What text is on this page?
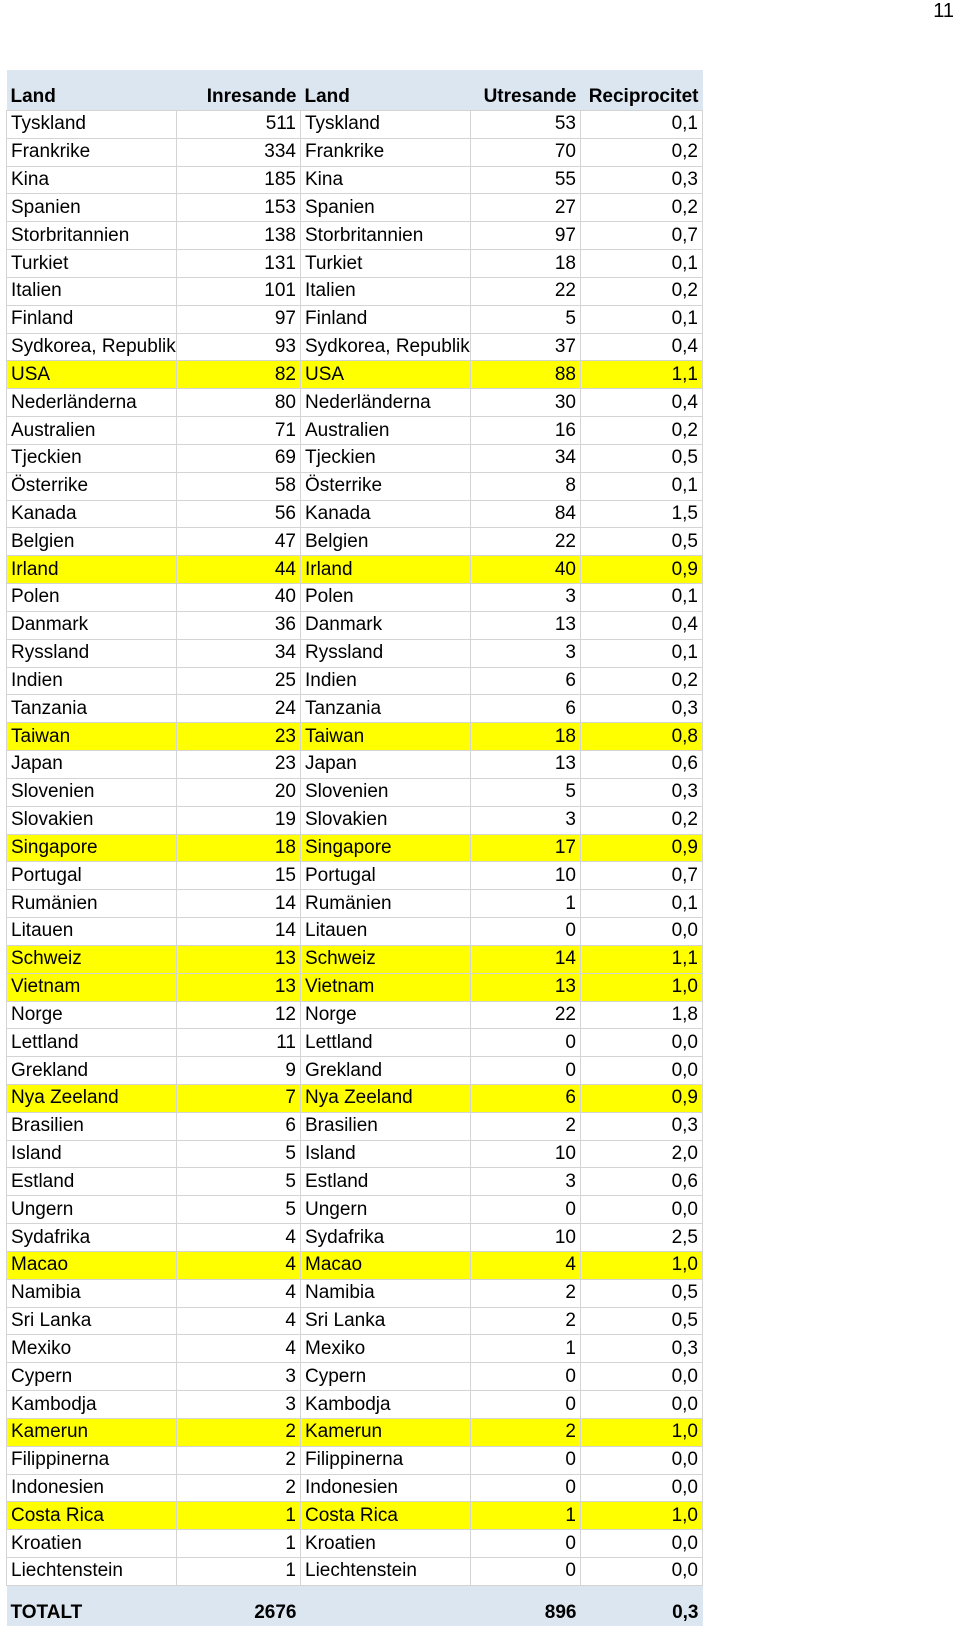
11
Land	Inresande	Land	Utresande	Reciprocitet
Tyskland	511	Tyskland	53	0,1
Frankrike	334	Frankrike	70	0,2
Kina	185	Kina	55	0,3
Spanien	153	Spanien	27	0,2
Storbritannien	138	Storbritannien	97	0,7
Turkiet	131	Turkiet	18	0,1
Italien	101	Italien	22	0,2
Finland	97	Finland	5	0,1
Sydkorea, Republik	93	Sydkorea, Republik	37	0,4
USA	82	USA	88	1,1
Nederländerna	80	Nederländerna	30	0,4
Australien	71	Australien	16	0,2
Tjeckien	69	Tjeckien	34	0,5
Österrike	58	Österrike	8	0,1
Kanada	56	Kanada	84	1,5
Belgien	47	Belgien	22	0,5
Irland	44	Irland	40	0,9
Polen	40	Polen	3	0,1
Danmark	36	Danmark	13	0,4
Ryssland	34	Ryssland	3	0,1
Indien	25	Indien	6	0,2
Tanzania	24	Tanzania	6	0,3
Taiwan	23	Taiwan	18	0,8
Japan	23	Japan	13	0,6
Slovenien	20	Slovenien	5	0,3
Slovakien	19	Slovakien	3	0,2
Singapore	18	Singapore	17	0,9
Portugal	15	Portugal	10	0,7
Rumänien	14	Rumänien	1	0,1
Litauen	14	Litauen	0	0,0
Schweiz	13	Schweiz	14	1,1
Vietnam	13	Vietnam	13	1,0
Norge	12	Norge	22	1,8
Lettland	11	Lettland	0	0,0
Grekland	9	Grekland	0	0,0
Nya Zeeland	7	Nya Zeeland	6	0,9
Brasilien	6	Brasilien	2	0,3
Island	5	Island	10	2,0
Estland	5	Estland	3	0,6
Ungern	5	Ungern	0	0,0
Sydafrika	4	Sydafrika	10	2,5
Macao	4	Macao	4	1,0
Namibia	4	Namibia	2	0,5
Sri Lanka	4	Sri Lanka	2	0,5
Mexiko	4	Mexiko	1	0,3
Cypern	3	Cypern	0	0,0
Kambodja	3	Kambodja	0	0,0
Kamerun	2	Kamerun	2	1,0
Filippinerna	2	Filippinerna	0	0,0
Indonesien	2	Indonesien	0	0,0
Costa Rica	1	Costa Rica	1	1,0
Kroatien	1	Kroatien	0	0,0
Liechtenstein	1	Liechtenstein	0	0,0
TOTALT	2676		896	0,3
